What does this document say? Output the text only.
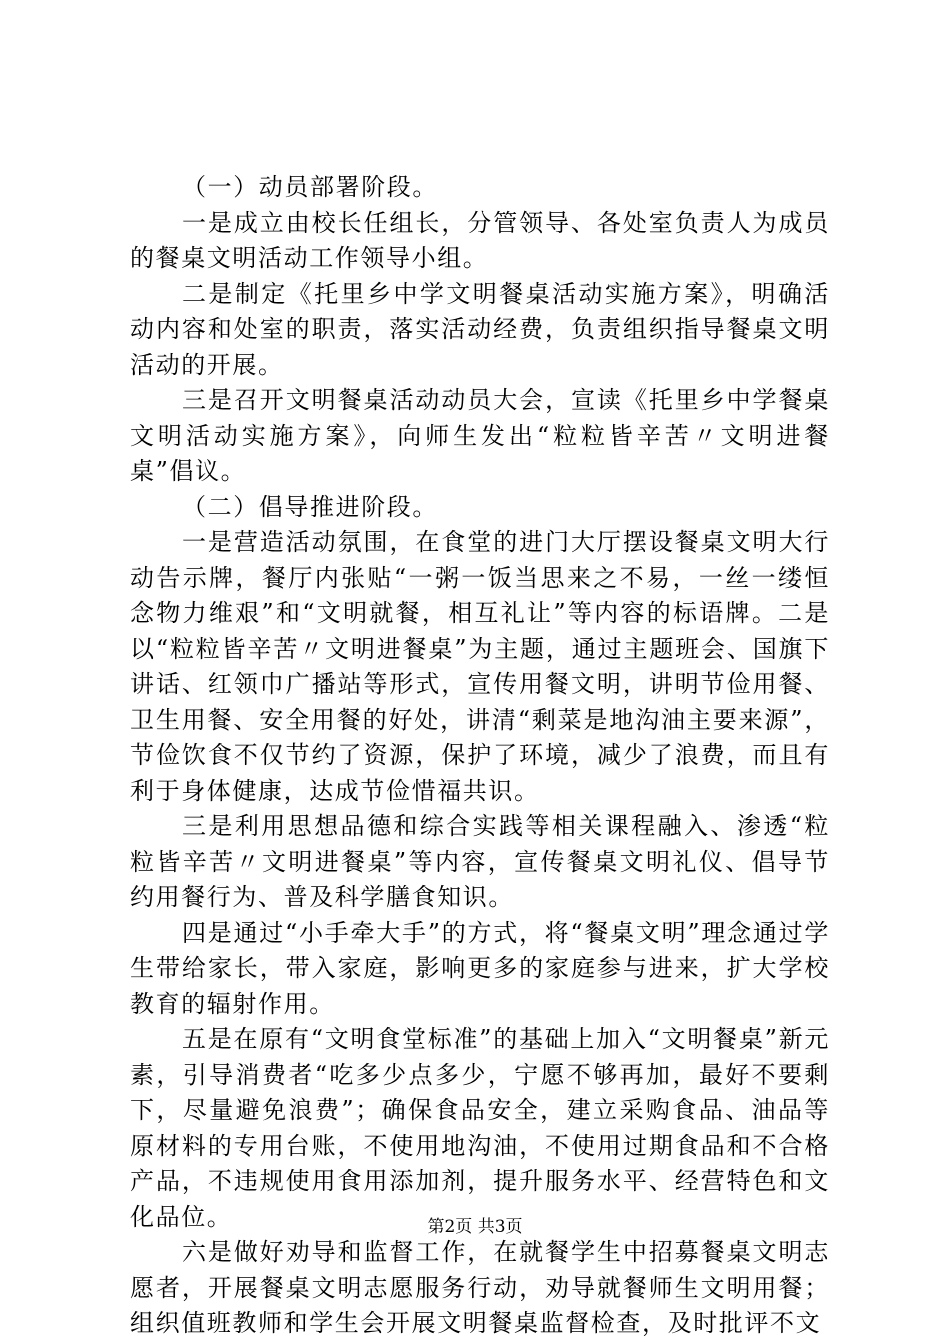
（一）动员部署阶段。

一是成立由校长任组长，分管领导、各处室负责人为成员的餐桌文明活动工作领导小组。

二是制定《托里乡中学文明餐桌活动实施方案》，明确活动内容和处室的职责，落实活动经费，负责组织指导餐桌文明活动的开展。

三是召开文明餐桌活动动员大会，宣读《托里乡中学餐桌文明活动实施方案》，向师生发出“粒粒皆辛苦〃文明进餐桌”倡议。

（二）倡导推进阶段。

一是营造活动氛围，在食堂的进门大厅摆设餐桌文明大行动告示牌，餐厅内张贴“一粥一饭当思来之不易，一丝一缕恒念物力维艰”和“文明就餐，相互礼让”等内容的标语牌。二是以“粒粒皆辛苦〃文明进餐桌”为主题，通过主题班会、国旗下讲话、红领巾广播站等形式，宣传用餐文明，讲明节俭用餐、卫生用餐、安全用餐的好处，讲清“剩菜是地沟油主要来源”，节俭饮食不仅节约了资源，保护了环境，减少了浪费，而且有利于身体健康，达成节俭惜福共识。

三是利用思想品德和综合实践等相关课程融入、渗透“粒粒皆辛苦〃文明进餐桌”等内容，宣传餐桌文明礼仪、倡导节约用餐行为、普及科学膳食知识。

四是通过“小手牵大手”的方式，将“餐桌文明”理念通过学生带给家长，带入家庭，影响更多的家庭参与进来，扩大学校教育的辐射作用。

五是在原有“文明食堂标准”的基础上加入“文明餐桌”新元素，引导消费者“吃多少点多少，宁愿不够再加，最好不要剩下，尽量避免浪费”；确保食品安全，建立采购食品、油品等原材料的专用台账，不使用地沟油，不使用过期食品和不合格产品，不违规使用食用添加剂，提升服务水平、经营特色和文化品位。

六是做好劝导和监督工作，在就餐学生中招募餐桌文明志愿者，开展餐桌文明志愿服务行动，劝导就餐师生文明用餐；组织值班教师和学生会开展文明餐桌监督检查，及时批评不文

第2页 共3页
